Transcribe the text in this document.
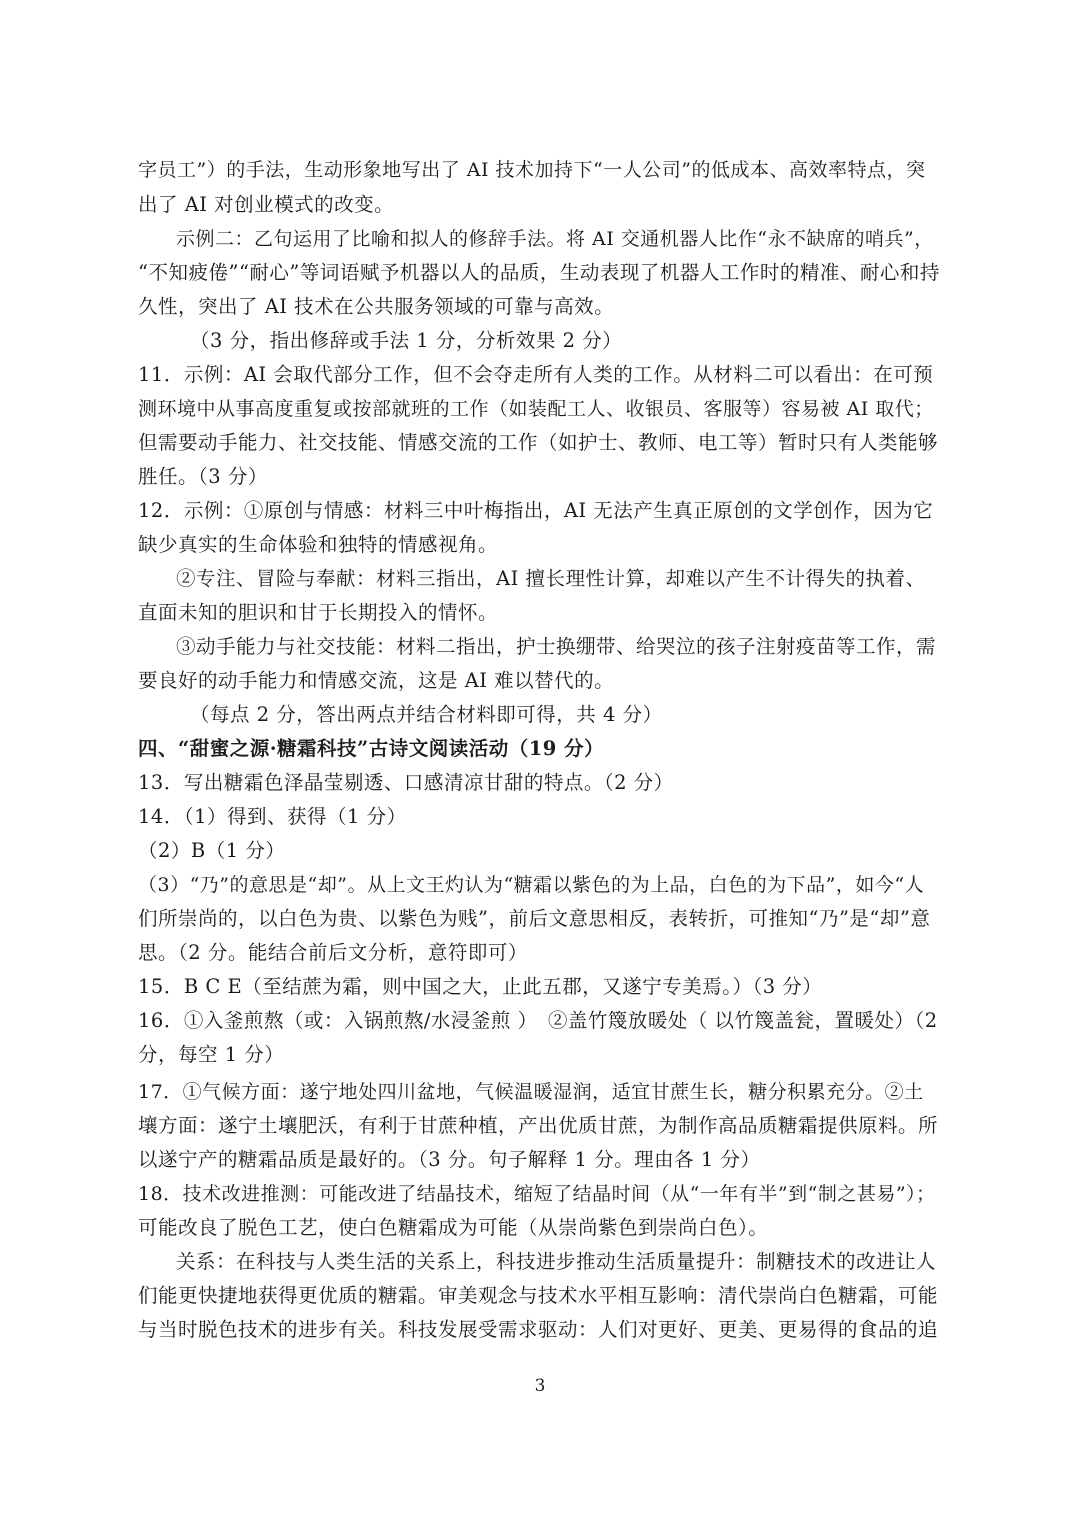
字员工”）的手法，生动形象地写出了 AI 技术加持下“一人公司”的低成本、高效率特点，突
出了 AI 对创业模式的改变。
示例二：乙句运用了比喻和拟人的修辞手法。将 AI 交通机器人比作“永不缺席的哨兵”，
“不知疲倦”“耐心”等词语赋予机器以人的品质，生动表现了机器人工作时的精准、耐心和持
久性，突出了 AI 技术在公共服务领域的可靠与高效。
（3 分，指出修辞或手法 1 分，分析效果 2 分）
11．示例：AI 会取代部分工作，但不会夺走所有人类的工作。从材料二可以看出：在可预
测环境中从事高度重复或按部就班的工作（如装配工人、收银员、客服等）容易被 AI 取代；
但需要动手能力、社交技能、情感交流的工作（如护士、教师、电工等）暂时只有人类能够
胜任。（3 分）
12．示例：①原创与情感：材料三中叶梅指出，AI 无法产生真正原创的文学创作，因为它
缺少真实的生命体验和独特的情感视角。
②专注、冒险与奉献：材料三指出，AI 擅长理性计算，却难以产生不计得失的执着、
直面未知的胆识和甘于长期投入的情怀。
③动手能力与社交技能：材料二指出，护士换绷带、给哭泣的孩子注射疫苗等工作，需
要良好的动手能力和情感交流，这是 AI 难以替代的。
（每点 2 分，答出两点并结合材料即可得，共 4 分）
四、“甜蜜之源·糖霜科技”古诗文阅读活动（19 分）
13．写出糖霜色泽晶莹剔透、口感清凉甘甜的特点。（2 分）
14．（1）得到、获得（1 分）
（2）B（1 分）
（3）“乃”的意思是“却”。从上文王灼认为“糖霜以紫色的为上品，白色的为下品”，如今“人
们所崇尚的，以白色为贵、以紫色为贱”，前后文意思相反，表转折，可推知“乃”是“却”意
思。（2 分。能结合前后文分析，意符即可）
15．B C E（至结蔗为霜，则中国之大，止此五郡，又遂宁专美焉。）（3 分）
16．①入釜煎熬（或：入锅煎熬/水浸釜煎 ）　②盖竹篾放暖处（ 以竹篾盖瓮，置暖处）（2
分，每空 1 分）
17．①气候方面：遂宁地处四川盆地，气候温暖湿润，适宜甘蔗生长，糖分积累充分。②土
壤方面：遂宁土壤肥沃，有利于甘蔗种植，产出优质甘蔗，为制作高品质糖霜提供原料。所
以遂宁产的糖霜品质是最好的。（3 分。句子解释 1 分。理由各 1 分）
18．技术改进推测：可能改进了结晶技术，缩短了结晶时间（从“一年有半”到“制之甚易”）；
可能改良了脱色工艺，使白色糖霜成为可能（从崇尚紫色到崇尚白色）。
关系：在科技与人类生活的关系上，科技进步推动生活质量提升：制糖技术的改进让人
们能更快捷地获得更优质的糖霜。审美观念与技术水平相互影响：清代崇尚白色糖霜，可能
与当时脱色技术的进步有关。科技发展受需求驱动：人们对更好、更美、更易得的食品的追
3
